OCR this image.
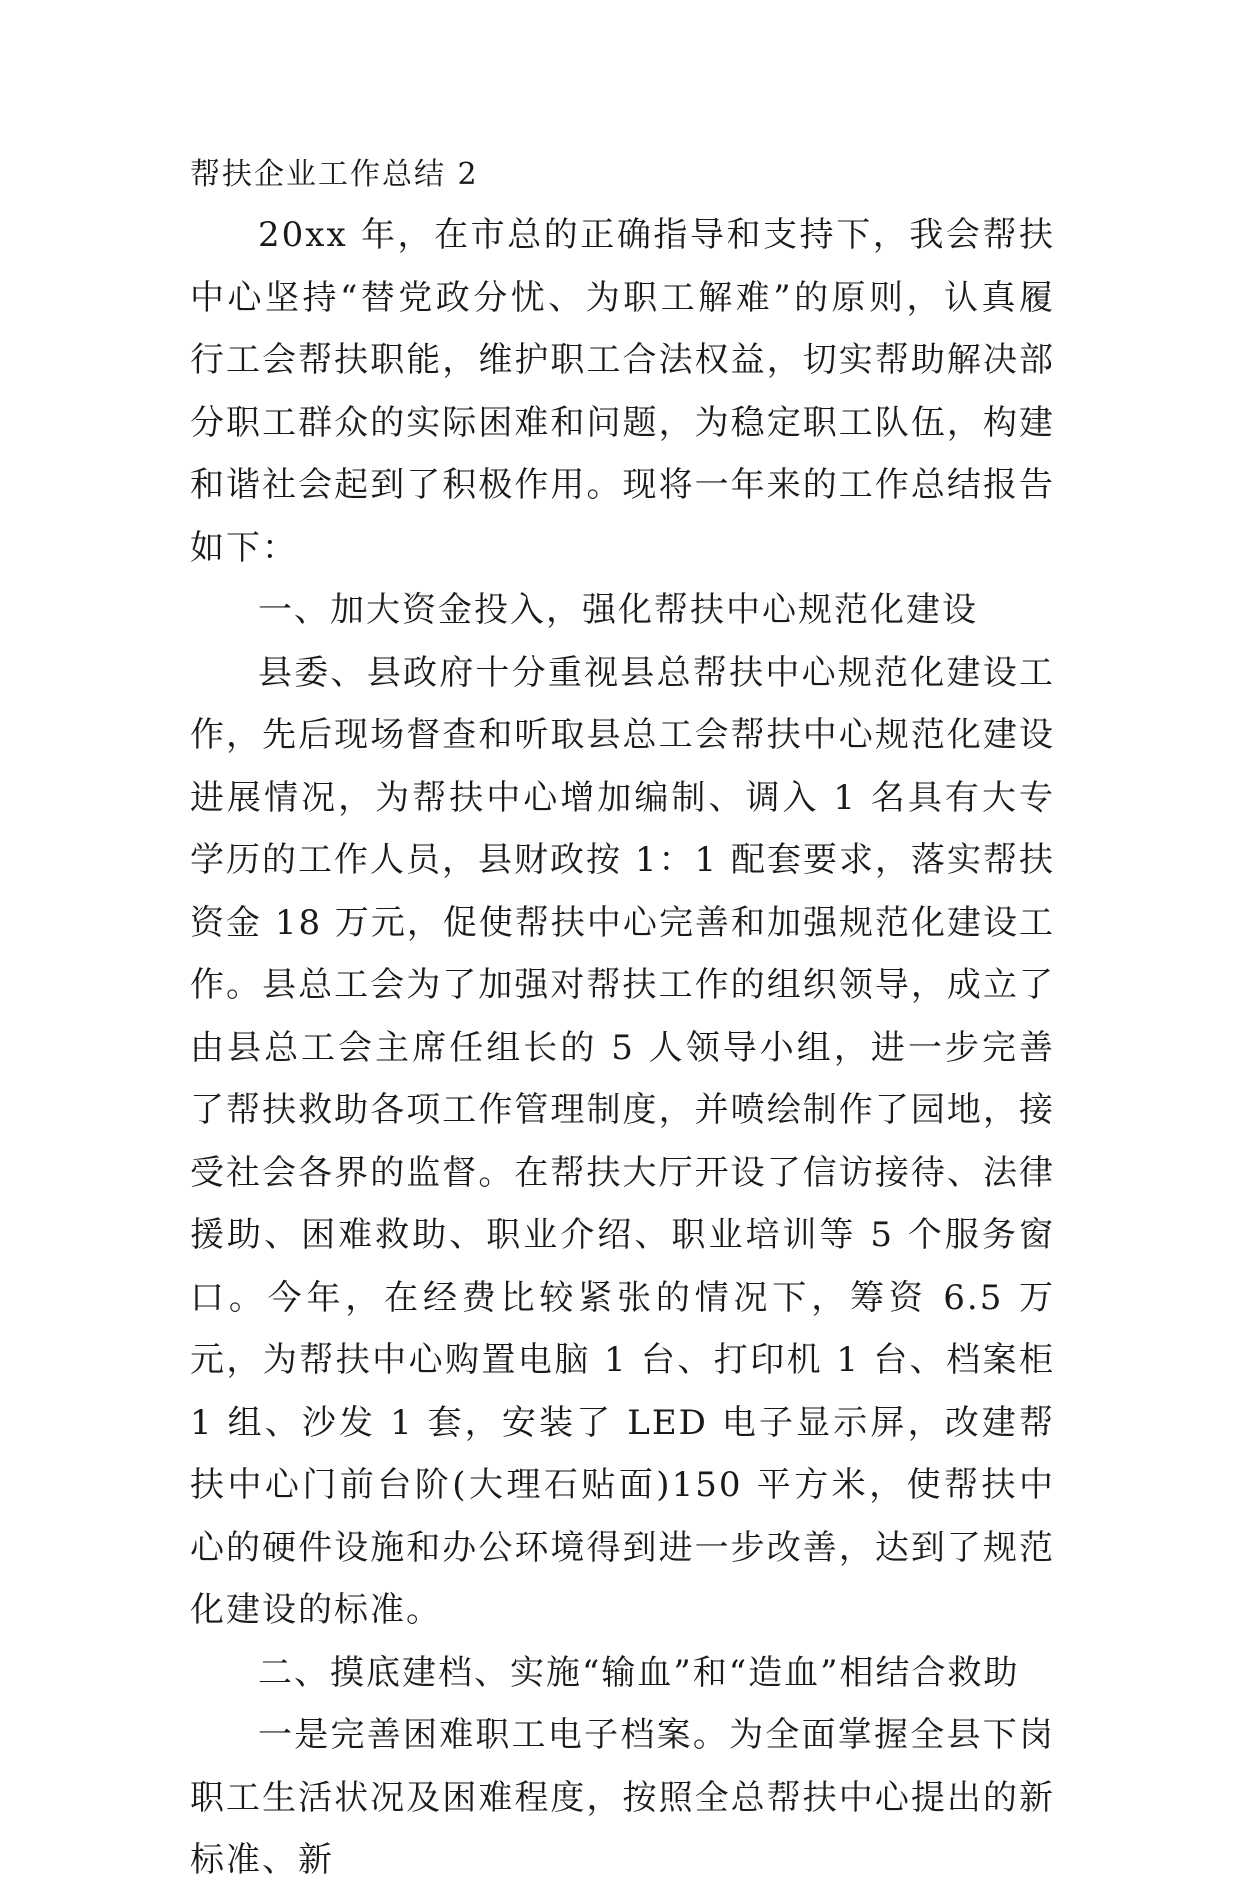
帮扶企业工作总结 2

20xx 年，在市总的正确指导和支持下，我会帮扶中心坚持“替党政分忧、为职工解难”的原则，认真履行工会帮扶职能，维护职工合法权益，切实帮助解决部分职工群众的实际困难和问题，为稳定职工队伍，构建和谐社会起到了积极作用。现将一年来的工作总结报告如下：

一、加大资金投入，强化帮扶中心规范化建设

县委、县政府十分重视县总帮扶中心规范化建设工作，先后现场督查和听取县总工会帮扶中心规范化建设进展情况，为帮扶中心增加编制、调入 1 名具有大专学历的工作人员，县财政按 1：1 配套要求，落实帮扶资金 18 万元，促使帮扶中心完善和加强规范化建设工作。县总工会为了加强对帮扶工作的组织领导，成立了由县总工会主席任组长的 5 人领导小组，进一步完善了帮扶救助各项工作管理制度，并喷绘制作了园地，接受社会各界的监督。在帮扶大厅开设了信访接待、法律援助、困难救助、职业介绍、职业培训等 5 个服务窗口。今年，在经费比较紧张的情况下，筹资 6.5 万元，为帮扶中心购置电脑 1 台、打印机 1 台、档案柜 1 组、沙发 1 套，安装了 LED 电子显示屏，改建帮扶中心门前台阶(大理石贴面)150 平方米，使帮扶中心的硬件设施和办公环境得到进一步改善，达到了规范化建设的标准。

二、摸底建档、实施“输血”和“造血”相结合救助

一是完善困难职工电子档案。为全面掌握全县下岗职工生活状况及困难程度，按照全总帮扶中心提出的新标准、新
